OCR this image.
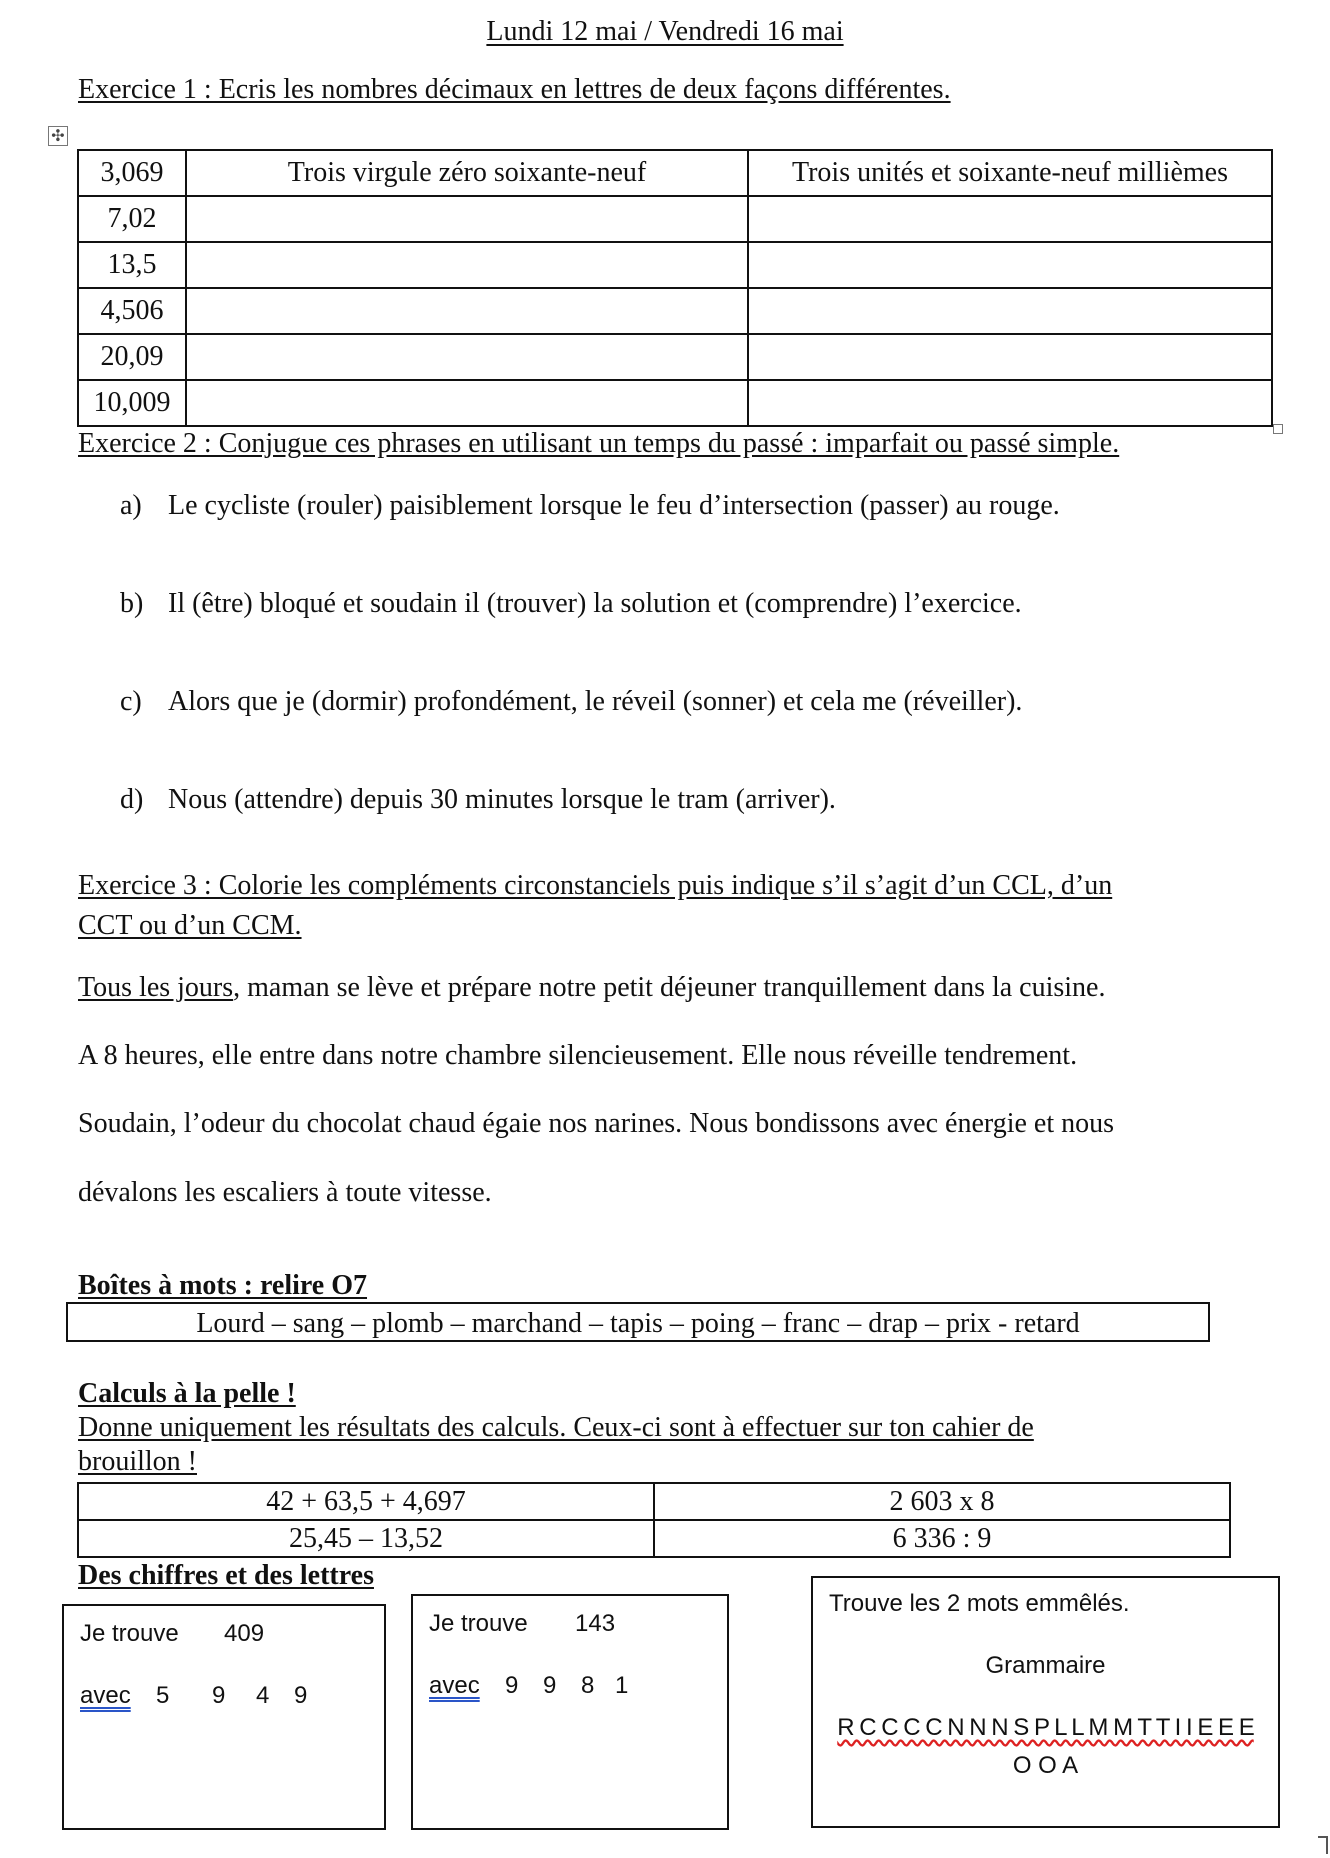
Lundi 12 mai / Vendredi 16 mai
Exercice 1 : Ecris les nombres décimaux en lettres de deux façons différentes.
✣
3,069	Trois virgule zéro soixante-neuf	Trois unités et soixante-neuf millièmes
7,02		
13,5		
4,506		
20,09		
10,009		
Exercice 2 : Conjugue ces phrases en utilisant un temps du passé : imparfait ou passé simple.
a) Le cycliste (rouler) paisiblement lorsque le feu d’intersection (passer) au rouge.
b) Il (être) bloqué et soudain il (trouver) la solution et (comprendre) l’exercice.
c) Alors que je (dormir) profondément, le réveil (sonner) et cela me (réveiller).
d) Nous (attendre) depuis 30 minutes lorsque le tram (arriver).
Exercice 3 : Colorie les compléments circonstanciels puis indique s’il s’agit d’un CCL, d’un
CCT ou d’un CCM.
Tous les jours, maman se lève et prépare notre petit déjeuner tranquillement dans la cuisine.
A 8 heures, elle entre dans notre chambre silencieusement. Elle nous réveille tendrement.
Soudain, l’odeur du chocolat chaud égaie nos narines. Nous bondissons avec énergie et nous
dévalons les escaliers à toute vitesse.
Boîtes à mots : relire O7
Lourd – sang – plomb – marchand – tapis – poing – franc – drap – prix - retard
Calculs à la pelle !
Donne uniquement les résultats des calculs. Ceux-ci sont à effectuer sur ton cahier de
brouillon !
42 + 63,5 + 4,697	2 603 x 8
25,45 – 13,52	6 336 : 9
Des chiffres et des lettres
Je trouve 409
avec 5 9 4 9
Je trouve 143
avec 9 9 8 1
Trouve les 2 mots emmêlés.
Grammaire
R C C C C N N N S P L L M M T T I I E E E
O O A
